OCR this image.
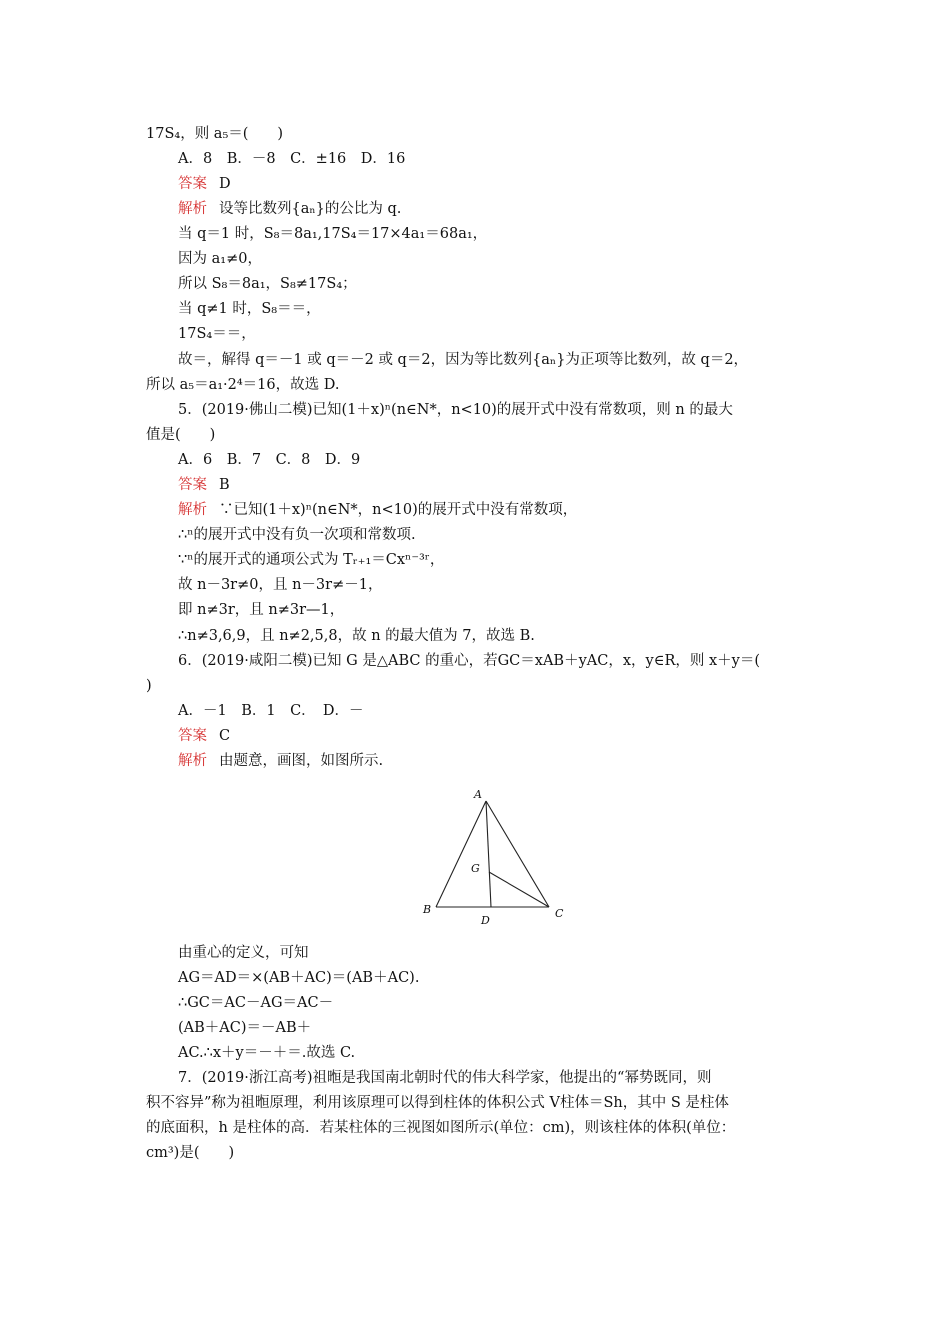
17S₄，则 a₅＝(　　)
A．8　B．－8　C．±16　D．16
答案 D
解析 设等比数列{aₙ}的公比为 q.
当 q＝1 时，S₈＝8a₁,17S₄＝17×4a₁＝68a₁，
因为 a₁≠0，
所以 S₈＝8a₁，S₈≠17S₄；
当 q≠1 时，S₈＝＝，
17S₄＝＝，
故＝，解得 q＝－1 或 q＝－2 或 q＝2，因为等比数列{aₙ}为正项等比数列，故 q＝2，
所以 a₅＝a₁·2⁴＝16，故选 D.
5．(2019·佛山二模)已知(1＋x)ⁿ(n∈N*，n<10)的展开式中没有常数项，则 n 的最大
值是(　　)
A．6　B．7　C．8　D．9
答案 B
解析 ∵已知(1＋x)ⁿ(n∈N*，n<10)的展开式中没有常数项，
∴ⁿ的展开式中没有负一次项和常数项.
∵ⁿ的展开式的通项公式为 Tᵣ₊₁＝Cxⁿ⁻³ʳ，
故 n－3r≠0，且 n－3r≠－1，
即 n≠3r，且 n≠3r—1，
∴n≠3,6,9，且 n≠2,5,8，故 n 的最大值为 7，故选 B.
6．(2019·咸阳二模)已知 G 是△ABC 的重心，若GC＝xAB＋yAC，x，y∈R，则 x＋y＝(
)
A．－1　B．1　C．　D．－
答案 C
解析 由题意，画图，如图所示.
A
B	C
D
G
由重心的定义，可知
AG＝AD＝×(AB＋AC)＝(AB＋AC).
∴GC＝AC－AG＝AC－
(AB＋AC)＝－AB＋
AC.∴x＋y＝－＋＝.故选 C.
7．(2019·浙江高考)祖暅是我国南北朝时代的伟大科学家，他提出的“幂势既同，则
积不容异”称为祖暅原理，利用该原理可以得到柱体的体积公式 V柱体＝Sh，其中 S 是柱体
的底面积，h 是柱体的高．若某柱体的三视图如图所示(单位：cm)，则该柱体的体积(单位：
cm³)是(　　)
